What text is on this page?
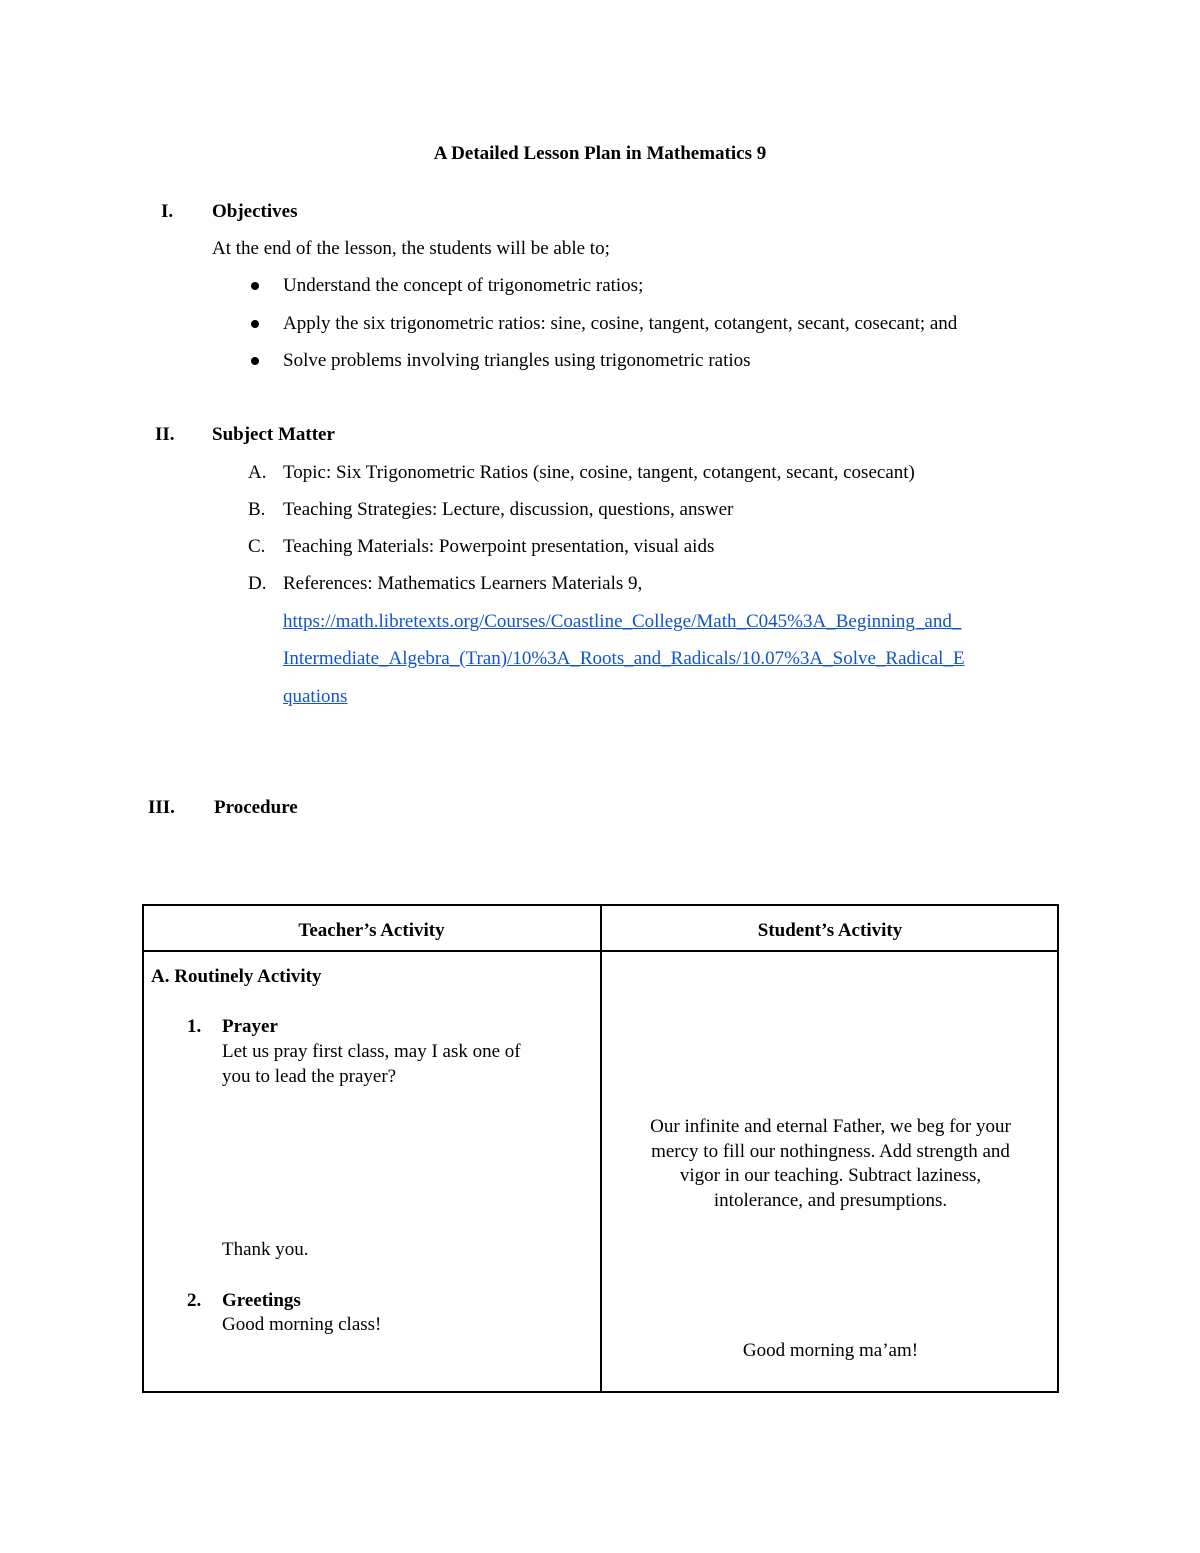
A Detailed Lesson Plan in Mathematics 9
I. Objectives
At the end of the lesson, the students will be able to;
Understand the concept of trigonometric ratios;
Apply the six trigonometric ratios: sine, cosine, tangent, cotangent, secant, cosecant; and
Solve problems involving triangles using trigonometric ratios
II. Subject Matter
A. Topic: Six Trigonometric Ratios (sine, cosine, tangent, cotangent, secant, cosecant)
B. Teaching Strategies: Lecture, discussion, questions, answer
C. Teaching Materials: Powerpoint presentation, visual aids
D. References: Mathematics Learners Materials 9,
https://math.libretexts.org/Courses/Coastline_College/Math_C045%3A_Beginning_and_
Intermediate_Algebra_(Tran)/10%3A_Roots_and_Radicals/10.07%3A_Solve_Radical_E
quations
III. Procedure
Teacher’s Activity	Student’s Activity
A. Routinely Activity
1. Prayer
Let us pray first class, may I ask one of
you to lead the prayer?
Our infinite and eternal Father, we beg for your
mercy to fill our nothingness. Add strength and
vigor in our teaching. Subtract laziness,
intolerance, and presumptions.
Thank you.
2. Greetings
Good morning class!
Good morning ma’am!
